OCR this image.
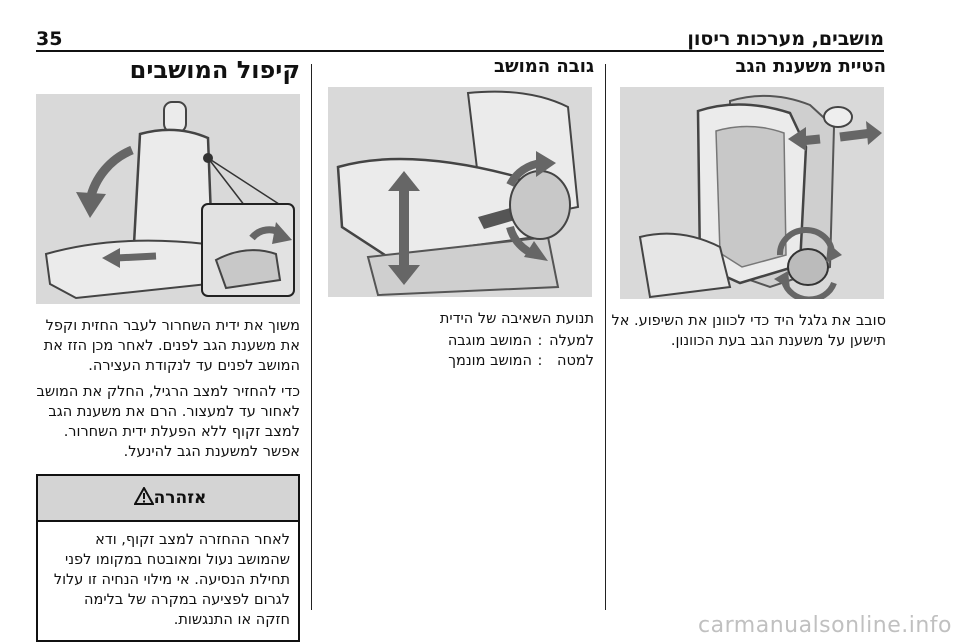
מושבים, מערכות ריסון
35
הטיית משענת הגב
סובב את גלגל היד כדי לכוונן את השיפוע. אל תישען על משענת הגב בעת הכוונון.
גובה המושב
תנועת השאיבה של הידית
למעלה
:
המושב מוגבה
למטה
:
המושב מונמך
קיפול המושבים
משוך את ידית השחרור לעבר החזית וקפל את משענת הגב לפנים. לאחר מכן הזז את המושב לפנים עד לנקודת העצירה.
כדי להחזיר למצב הרגיל, החלק את המושב לאחור עד למעצור. הרם את משענת הגב למצב זקוף ללא הפעלת ידית השחרור. אפשר למשענת הגב להינעל.
אזהרה
לאחר ההחזרה למצב זקוף, ודא שהמושב נעול ומאובטח במקומו לפני תחילת הנסיעה. אי מילוי הנחיה זו עלול לגרום לפציעה במקרה של בלימה חזקה או התנגשות.	carmanualsonline.info
